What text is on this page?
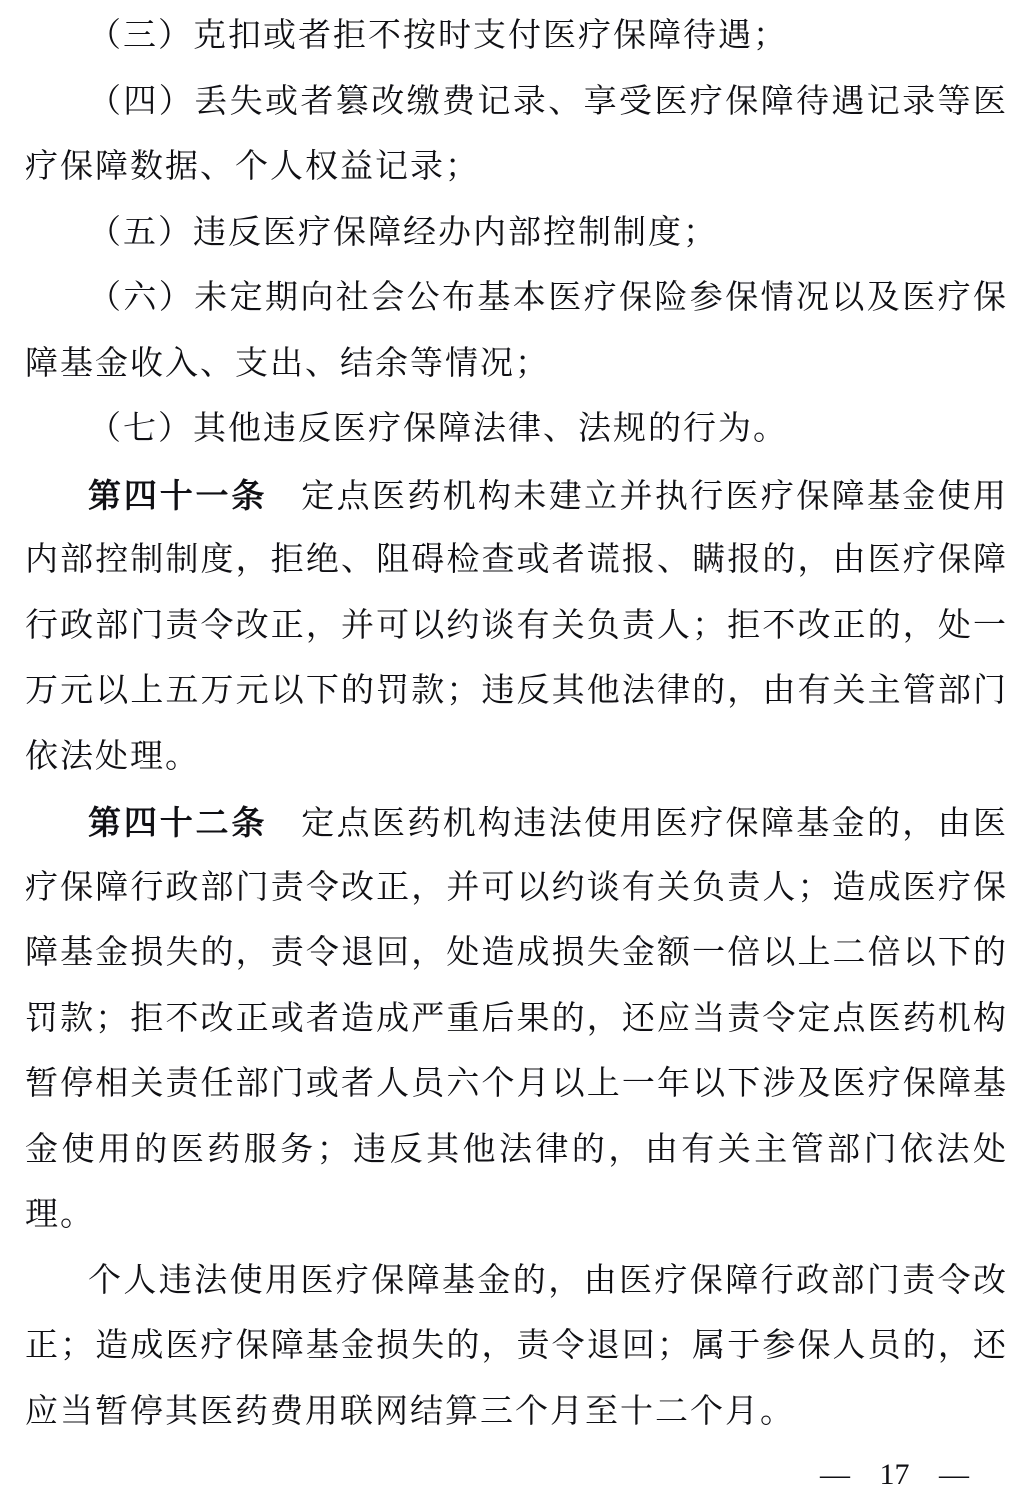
（三）克扣或者拒不按时支付医疗保障待遇；
（四）丢失或者篡改缴费记录、享受医疗保障待遇记录等医
疗保障数据、个人权益记录；
（五）违反医疗保障经办内部控制制度；
（六）未定期向社会公布基本医疗保险参保情况以及医疗保
障基金收入、支出、结余等情况；
（七）其他违反医疗保障法律、法规的行为。
第四十一条 定点医药机构未建立并执行医疗保障基金使用
内部控制制度，拒绝、阻碍检查或者谎报、瞒报的，由医疗保障
行政部门责令改正，并可以约谈有关负责人；拒不改正的，处一
万元以上五万元以下的罚款；违反其他法律的，由有关主管部门
依法处理。
第四十二条 定点医药机构违法使用医疗保障基金的，由医
疗保障行政部门责令改正，并可以约谈有关负责人；造成医疗保
障基金损失的，责令退回，处造成损失金额一倍以上二倍以下的
罚款；拒不改正或者造成严重后果的，还应当责令定点医药机构
暂停相关责任部门或者人员六个月以上一年以下涉及医疗保障基
金使用的医药服务；违反其他法律的，由有关主管部门依法处
理。
个人违法使用医疗保障基金的，由医疗保障行政部门责令改
正；造成医疗保障基金损失的，责令退回；属于参保人员的，还
应当暂停其医药费用联网结算三个月至十二个月。
— 17 —
